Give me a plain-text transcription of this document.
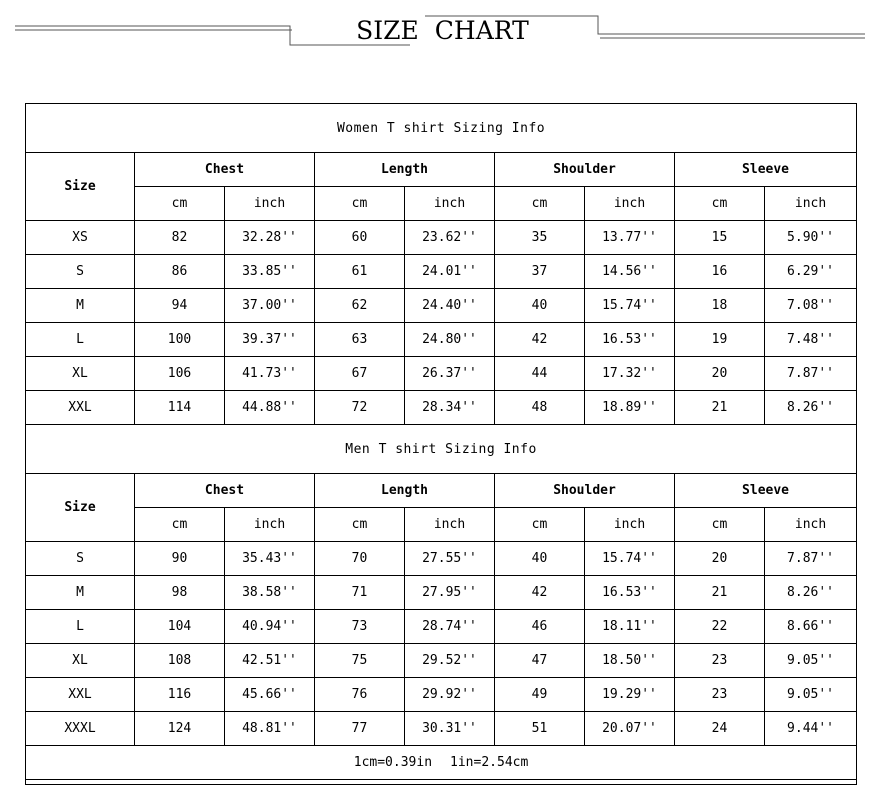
SIZE CHART
Women T shirt Sizing Info								
Size	Chest		Length		Shoulder		Sleeve	
	cm	inch	cm	inch	cm	inch	cm	inch
XS	82	32.28''	60	23.62''	35	13.77''	15	5.90''
S	86	33.85''	61	24.01''	37	14.56''	16	6.29''
M	94	37.00''	62	24.40''	40	15.74''	18	7.08''
L	100	39.37''	63	24.80''	42	16.53''	19	7.48''
XL	106	41.73''	67	26.37''	44	17.32''	20	7.87''
XXL	114	44.88''	72	28.34''	48	18.89''	21	8.26''
Men T shirt Sizing Info								
Size	Chest		Length		Shoulder		Sleeve	
	cm	inch	cm	inch	cm	inch	cm	inch
S	90	35.43''	70	27.55''	40	15.74''	20	7.87''
M	98	38.58''	71	27.95''	42	16.53''	21	8.26''
L	104	40.94''	73	28.74''	46	18.11''	22	8.66''
XL	108	42.51''	75	29.52''	47	18.50''	23	9.05''
XXL	116	45.66''	76	29.92''	49	19.29''	23	9.05''
XXXL	124	48.81''	77	30.31''	51	20.07''	24	9.44''
1cm=0.39in 1in=2.54cm								
